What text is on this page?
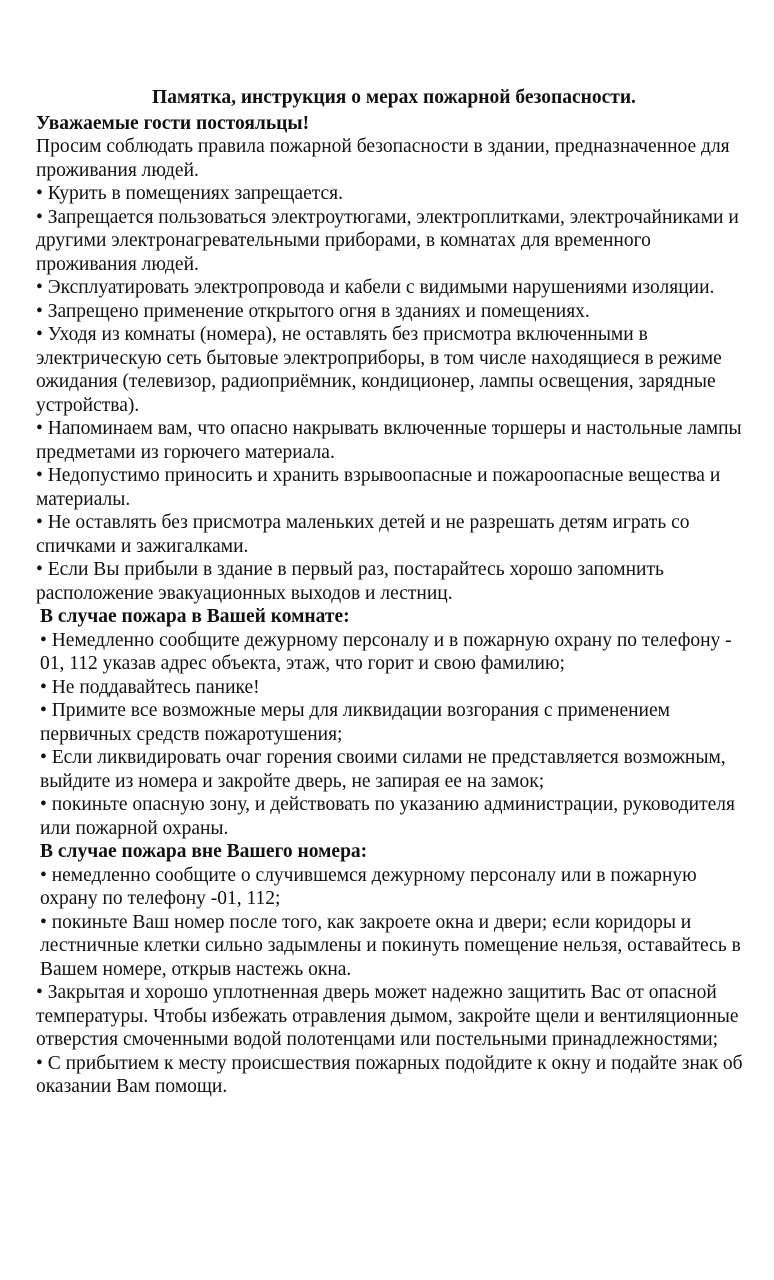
Памятка, инструкция о мерах пожарной безопасности.
Уважаемые гости постояльцы!
Просим соблюдать правила пожарной безопасности в здании, предназначенное для проживания людей.
• Курить в помещениях запрещается.
• Запрещается пользоваться электроутюгами, электроплитками, электрочайниками и другими электронагревательными приборами, в комнатах для временного проживания людей.
• Эксплуатировать электропровода и кабели с видимыми нарушениями изоляции.
• Запрещено применение открытого огня в зданиях и помещениях.
• Уходя из комнаты (номера), не оставлять без присмотра включенными в электрическую сеть бытовые электроприборы, в том числе находящиеся в режиме ожидания (телевизор, радиоприёмник, кондиционер, лампы освещения, зарядные устройства).
• Напоминаем вам, что опасно накрывать включенные торшеры и настольные лампы предметами из горючего материала.
• Недопустимо приносить и хранить взрывоопасные и пожароопасные вещества и материалы.
• Не оставлять без присмотра маленьких детей и не разрешать детям играть со спичками и зажигалками.
• Если Вы прибыли в здание в первый раз, постарайтесь хорошо запомнить расположение эвакуационных выходов и лестниц.
В случае пожара в Вашей комнате:
• Немедленно сообщите дежурному персоналу и в пожарную охрану по телефону - 01, 112 указав адрес объекта, этаж, что горит и свою фамилию;
• Не поддавайтесь панике!
• Примите все возможные меры для ликвидации возгорания с применением первичных средств пожаротушения;
• Если ликвидировать очаг горения своими силами не представляется возможным, выйдите из номера и закройте дверь, не запирая ее на замок;
• покиньте опасную зону, и действовать по указанию администрации, руководителя или пожарной охраны.
В случае пожара вне Вашего номера:
• немедленно сообщите о случившемся дежурному персоналу или в пожарную охрану по телефону -01, 112;
• покиньте Ваш номер после того, как закроете окна и двери; если коридоры и лестничные клетки сильно задымлены и покинуть помещение нельзя, оставайтесь в Вашем номере, открыв настежь окна.
• Закрытая и хорошо уплотненная дверь может надежно защитить Вас от опасной температуры. Чтобы избежать отравления дымом, закройте щели и вентиляционные отверстия смоченными водой полотенцами или постельными принадлежностями;
• С прибытием к месту происшествия пожарных подойдите к окну и подайте знак об оказании Вам помощи.
